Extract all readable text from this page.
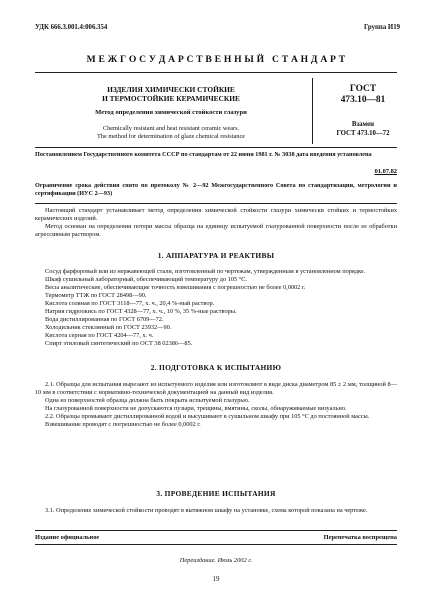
УДК 666.3.001.4:006.354	Группа И19
М Е Ж Г О С У Д А Р С Т В Е Н Н Ы Й   С Т А Н Д А Р Т
ИЗДЕЛИЯ ХИМИЧЕСКИ СТОЙКИЕ
И ТЕРМОСТОЙКИЕ КЕРАМИЧЕСКИЕ
Метод определения химической стойкости глазури
Chemically resistant and heat resistant ceramic wears.
The method for determination of glaze chemical resistance
ГОСТ
473.10—81
Взамен
ГОСТ 473.10—72
Постановлением Государственного комитета СССР по стандартам от 22 июня 1981 г. № 3038 дата введения установлена
01.07.82
Ограничение срока действия снято по протоколу № 2—92 Межгосударственного Совета по стандартизации, метрологии и сертификации (ИУС 2—93)
Настоящий стандарт устанавливает метод определения химической стойкости глазури химически стойких и термостойких керамических изделий.
Метод основан на определении потери массы образца на единицу испытуемой глазурованной поверхности после ее обработки агрессивным раствором.
1. АППАРАТУРА И РЕАКТИВЫ
Сосуд фарфоровый или из нержавеющей стали, изготовленный по чертежам, утвержденным в установленном порядке.
Шкаф сушильный лабораторный, обеспечивающий температуру до 105 °С.
Весы аналитические, обеспечивающие точность взвешивания с погрешностью не более 0,0002 г.
Термометр ТТЖ по ГОСТ 28498—90.
Кислота соляная по ГОСТ 3118—77, х. ч., 20,4 %-ный раствор.
Натрия гидроокись по ГОСТ 4328—77, х. ч., 10 %, 35 %-ные растворы.
Вода дистиллированная по ГОСТ 6709—72.
Холодильник стеклянный по ГОСТ 23932—90.
Кислота серная по ГОСТ 4204—77, х. ч.
Спирт этиловый синтетический по ОСТ 38 02386—85.
2. ПОДГОТОВКА К ИСПЫТАНИЮ
2.1. Образцы для испытания вырезают из испытуемого изделия или изготовляют в виде диска диаметром 85 ± 2 мм, толщиной 8—10 мм в соответствии с нормативно-технической документацией на данный вид изделия.
Одна из поверхностей образца должна быть покрыта испытуемой глазурью.
На глазурованной поверхности не допускаются пузыри, трещины, вмятины, сколы, обнаруживаемые визуально.
2.2. Образцы промывают дистиллированной водой и высушивают в сушильном шкафу при 105 °С до постоянной массы.
Взвешивание проводят с погрешностью не более 0,0002 г.
3. ПРОВЕДЕНИЕ ИСПЫТАНИЯ
3.1. Определение химической стойкости проводят в вытяжном шкафу на установке, схема которой показана на чертеже.
Издание официальное	Перепечатка воспрещена
Переиздание. Июль 2002 г.
19
